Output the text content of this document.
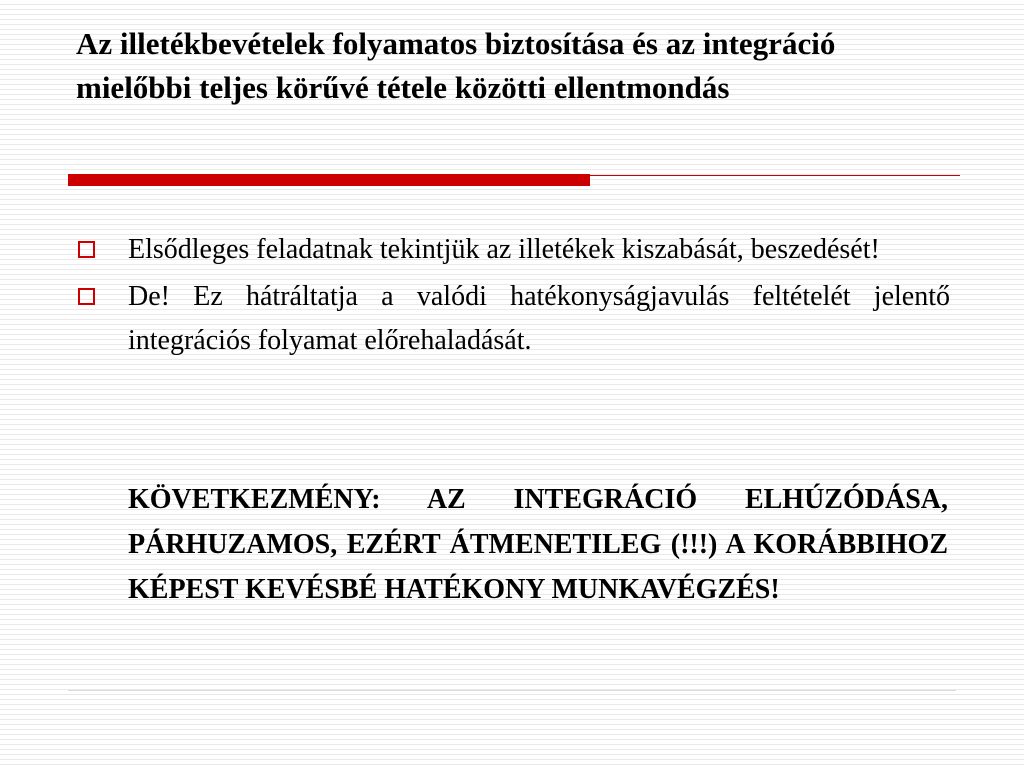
Az illetékbevételek folyamatos biztosítása és az integráció mielőbbi teljes körűvé tétele közötti ellentmondás
Elsődleges feladatnak tekintjük az illetékek kiszabását, beszedését!
De! Ez hátráltatja a valódi hatékonyságjavulás feltételét jelentő integrációs folyamat előrehaladását.

KÖVETKEZMÉNY: AZ INTEGRÁCIÓ ELHÚZÓDÁSA, PÁRHUZAMOS, EZÉRT ÁTMENETILEG (!!!) A KORÁBBIHOZ KÉPEST KEVÉSBÉ HATÉKONY MUNKAVÉGZÉS!
